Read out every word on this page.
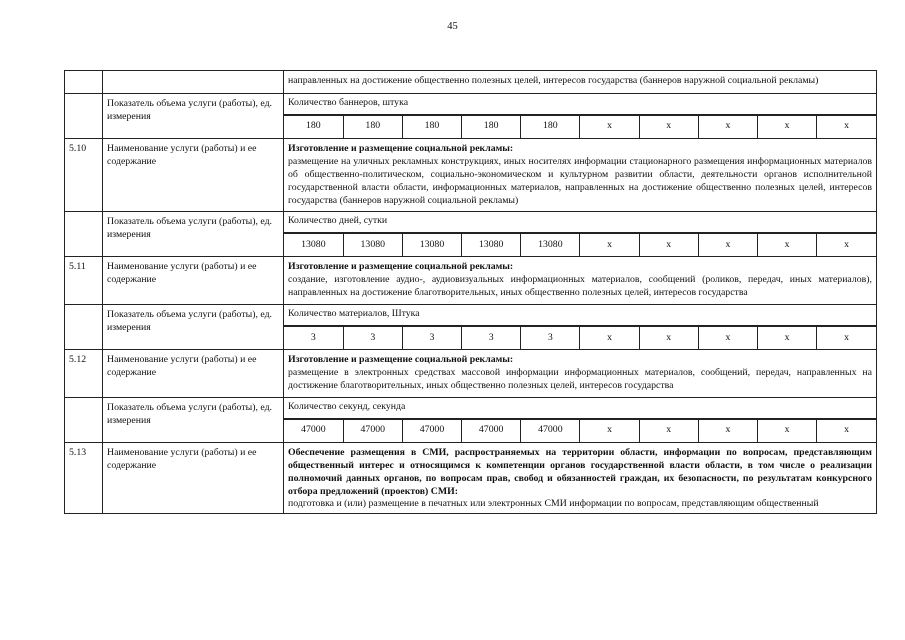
45
		направленных на достижение общественно полезных целей, интересов государства (баннеров наружной социальной рекламы)
	Показатель объема услуги (работы), ед. измерения	
Количество баннеров, штука
180	180	180	180	180	x	x	x	x	x

5.10	Наименование услуги (работы) и ее содержание	
Изготовление и размещение социальной рекламы:
размещение на уличных рекламных конструкциях, иных носителях информации стационарного размещения информационных материалов об общественно-политическом, социально-экономическом и культурном развитии области, деятельности органов исполнительной государственной власти области, информационных материалов, направленных на достижение общественно полезных целей, интересов государства (баннеров наружной социальной рекламы)

	Показатель объема услуги (работы), ед. измерения	
Количество дней, сутки
13080	13080	13080	13080	13080	x	x	x	x	x

5.11	Наименование услуги (работы) и ее содержание	
Изготовление и размещение социальной рекламы:
создание, изготовление аудио-, аудиовизуальных информационных материалов, сообщений (роликов, передач, иных материалов), направленных на достижение благотворительных, иных общественно полезных целей, интересов государства

	Показатель объема услуги (работы), ед. измерения	
Количество материалов, Штука
3	3	3	3	3	x	x	x	x	x

5.12	Наименование услуги (работы) и ее содержание	
Изготовление и размещение социальной рекламы:
размещение в электронных средствах массовой информации информационных материалов, сообщений, передач, направленных на достижение благотворительных, иных общественно полезных целей, интересов государства

	Показатель объема услуги (работы), ед. измерения	
Количество секунд, секунда
47000	47000	47000	47000	47000	x	x	x	x	x

5.13	Наименование услуги (работы) и ее содержание	
Обеспечение размещения в СМИ, распространяемых на территории области, информации по вопросам, представляющим общественный интерес и относящимся к компетенции органов государственной власти области, в том числе о реализации полномочий данных органов, по вопросам прав, свобод и обязанностей граждан, их безопасности, по результатам конкурсного отбора предложений (проектов) СМИ:
подготовка и (или) размещение в печатных или электронных СМИ информации по вопросам, представляющим общественный
